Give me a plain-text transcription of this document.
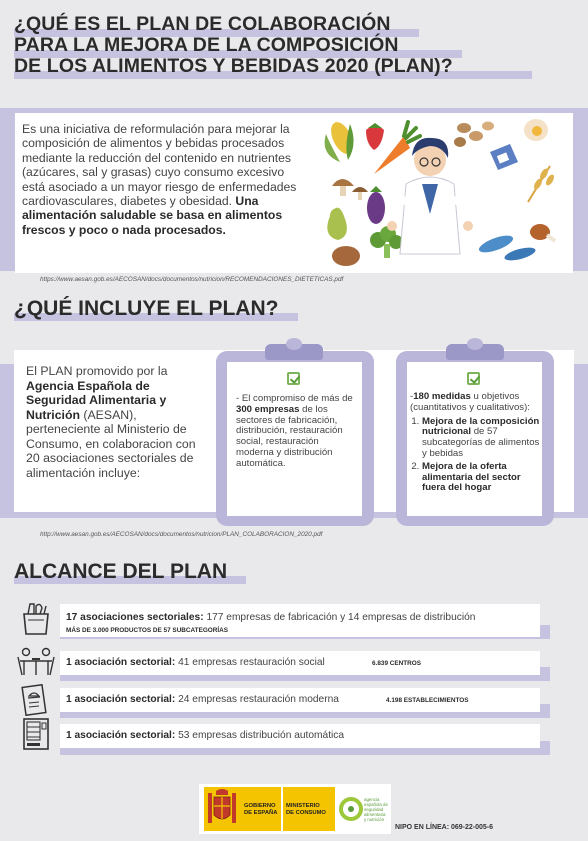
¿QUÉ ES EL PLAN DE COLABORACIÓN
PARA LA MEJORA DE LA COMPOSICIÓN
DE LOS ALIMENTOS Y BEBIDAS 2020 (PLAN)?
Es una iniciativa de reformulación para mejorar la composición de alimentos y bebidas procesados mediante la reducción del contenido en nutrientes (azúcares, sal y grasas) cuyo consumo excesivo está asociado a un mayor riesgo de enfermedades cardiovasculares, diabetes y obesidad. Una alimentación saludable se basa en alimentos frescos y poco o nada procesados.
https://www.aesan.gob.es/AECOSAN/docs/documentos/nutricion/RECOMENDACIONES_DIETETICAS.pdf
¿QUÉ INCLUYE EL PLAN?
El PLAN promovido por la Agencia Española de Seguridad Alimentaria y Nutrición (AESAN), perteneciente al Ministerio de Consumo, en colaboracion con 20 asociaciones sectoriales de alimentación incluye:
- El compromiso de más de 300 empresas de los sectores de fabricación, distribución, restauración social, restauración moderna y distribución automática.
-180 medidas u objetivos (cuantitativos y cualitativos):
1. Mejora de la composición nutricional de 57 subcategorías de alimentos y bebidas
2. Mejora de la oferta alimentaria del sector fuera del hogar
http://www.aesan.gob.es/AECOSAN/docs/documentos/nutricion/PLAN_COLABORACION_2020.pdf
ALCANCE DEL PLAN
17 asociaciones sectoriales: 177 empresas de fabricación y 14 empresas de distribución
MÁS DE 3.000 PRODUCTOS DE 57 SUBCATEGORÍAS
1 asociación sectorial: 41 empresas restauración social	6.839 CENTROS
1 asociación sectorial: 24 empresas restauración moderna	4.198 ESTABLECIMIENTOS
1 asociación sectorial: 53 empresas distribución automática
GOBIERNO
DE ESPAÑA
MINISTERIO
DE CONSUMO
agencia
española de
seguridad
alimentaria
y nutrición
NIPO EN LÍNEA: 069-22-005-6
